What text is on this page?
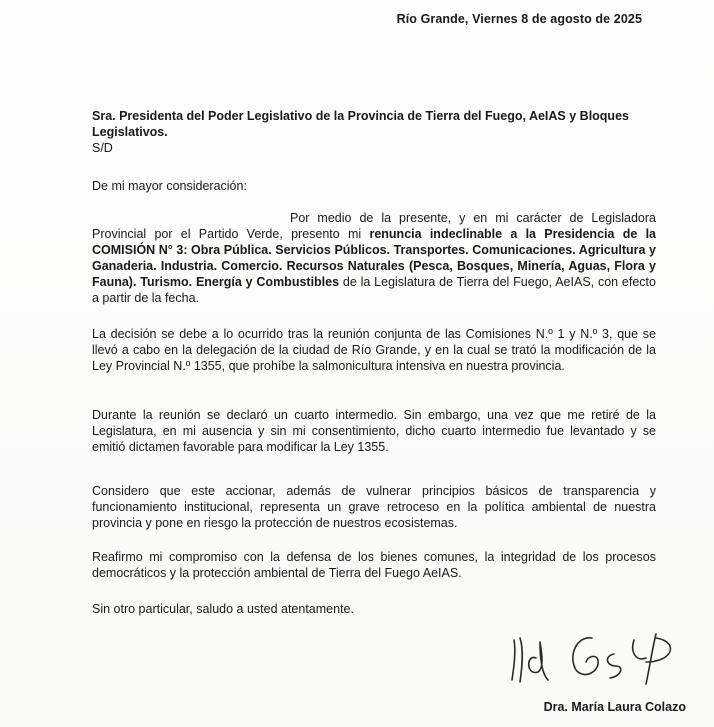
Río Grande, Viernes 8 de agosto de 2025
Sra. Presidenta del Poder Legislativo de la Provincia de Tierra del Fuego, AeIAS y Bloques Legislativos.
S/D
De mi mayor consideración:
Por medio de la presente, y en mi carácter de Legisladora Provincial por el Partido Verde, presento mi renuncia indeclinable a la Presidencia de la COMISIÓN N° 3: Obra Pública. Servicios Públicos. Transportes. Comunicaciones. Agricultura y Ganaderia. Industria. Comercio. Recursos Naturales (Pesca, Bosques, Minería, Aguas, Flora y Fauna). Turismo. Energía y Combustibles de la Legislatura de Tierra del Fuego, AeIAS, con efecto a partir de la fecha.
La decisión se debe a lo ocurrido tras la reunión conjunta de las Comisiones N.º 1 y N.º 3, que se llevó a cabo en la delegación de la ciudad de Río Grande, y en la cual se trató la modificación de la Ley Provincial N.º 1355, que prohíbe la salmonicultura intensiva en nuestra provincia.
Durante la reunión se declaró un cuarto intermedio. Sin embargo, una vez que me retiré de la Legislatura, en mi ausencia y sin mi consentimiento, dicho cuarto intermedio fue levantado y se emitió dictamen favorable para modificar la Ley 1355.
Considero que este accionar, además de vulnerar principios básicos de transparencia y funcionamiento institucional, representa un grave retroceso en la política ambiental de nuestra provincia y pone en riesgo la protección de nuestros ecosistemas.
Reafirmo mi compromiso con la defensa de los bienes comunes, la integridad de los procesos democráticos y la protección ambiental de Tierra del Fuego AeIAS.
Sin otro particular, saludo a usted atentamente.
Dra. María Laura Colazo
